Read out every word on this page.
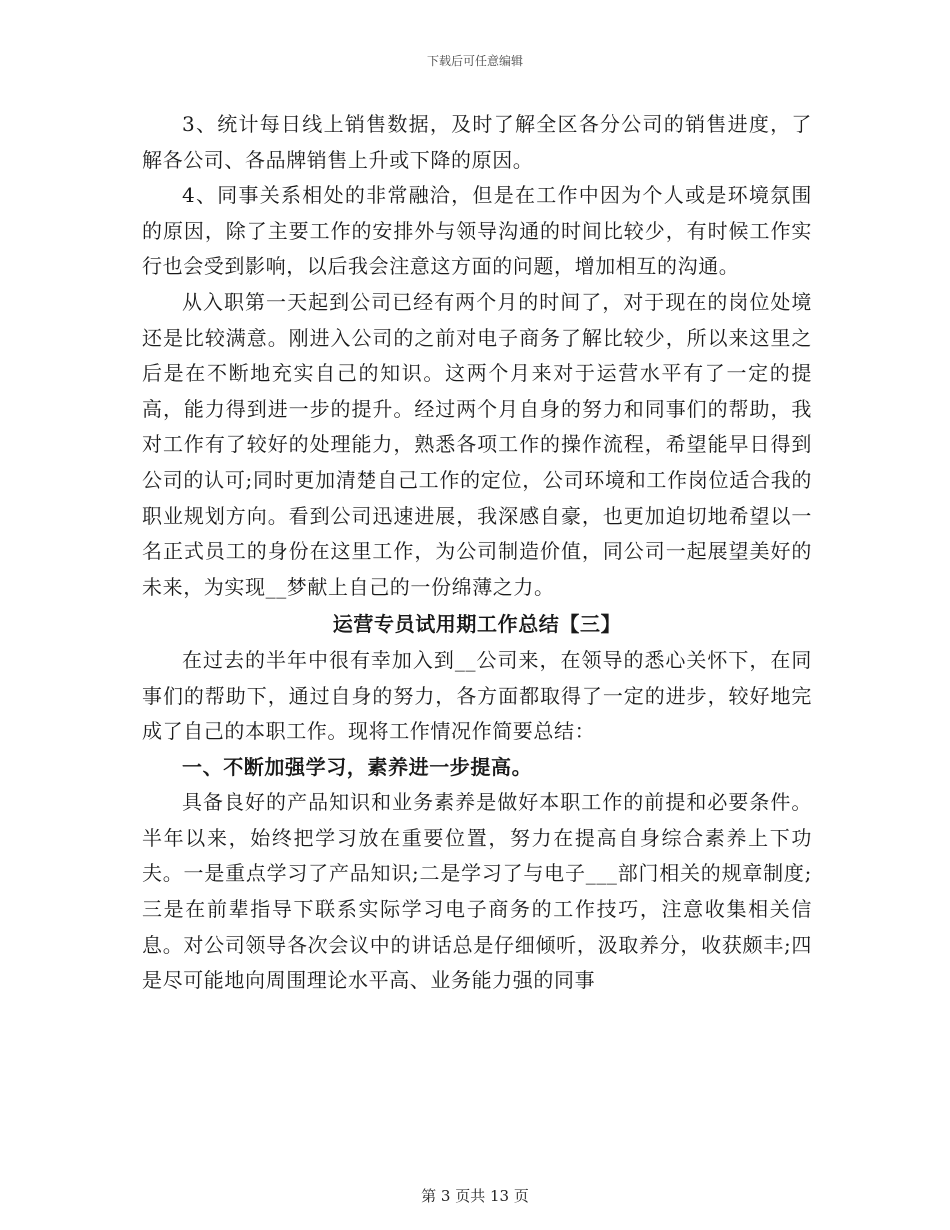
下载后可任意编辑

3、统计每日线上销售数据，及时了解全区各分公司的销售进度，了解各公司、各品牌销售上升或下降的原因。

4、同事关系相处的非常融洽，但是在工作中因为个人或是环境氛围的原因，除了主要工作的安排外与领导沟通的时间比较少，有时候工作实行也会受到影响，以后我会注意这方面的问题，增加相互的沟通。

从入职第一天起到公司已经有两个月的时间了，对于现在的岗位处境还是比较满意。刚进入公司的之前对电子商务了解比较少，所以来这里之后是在不断地充实自己的知识。这两个月来对于运营水平有了一定的提高，能力得到进一步的提升。经过两个月自身的努力和同事们的帮助，我对工作有了较好的处理能力，熟悉各项工作的操作流程，希望能早日得到公司的认可;同时更加清楚自己工作的定位，公司环境和工作岗位适合我的职业规划方向。看到公司迅速进展，我深感自豪，也更加迫切地希望以一名正式员工的身份在这里工作，为公司制造价值，同公司一起展望美好的未来，为实现__梦献上自己的一份绵薄之力。

运营专员试用期工作总结【三】

在过去的半年中很有幸加入到__公司来，在领导的悉心关怀下，在同事们的帮助下，通过自身的努力，各方面都取得了一定的进步，较好地完成了自己的本职工作。现将工作情况作简要总结：

一、不断加强学习，素养进一步提高。

具备良好的产品知识和业务素养是做好本职工作的前提和必要条件。半年以来，始终把学习放在重要位置，努力在提高自身综合素养上下功夫。一是重点学习了产品知识;二是学习了与电子___部门相关的规章制度;三是在前辈指导下联系实际学习电子商务的工作技巧，注意收集相关信息。对公司领导各次会议中的讲话总是仔细倾听，汲取养分，收获颇丰;四是尽可能地向周围理论水平高、业务能力强的同事

第 3 页共 13 页
